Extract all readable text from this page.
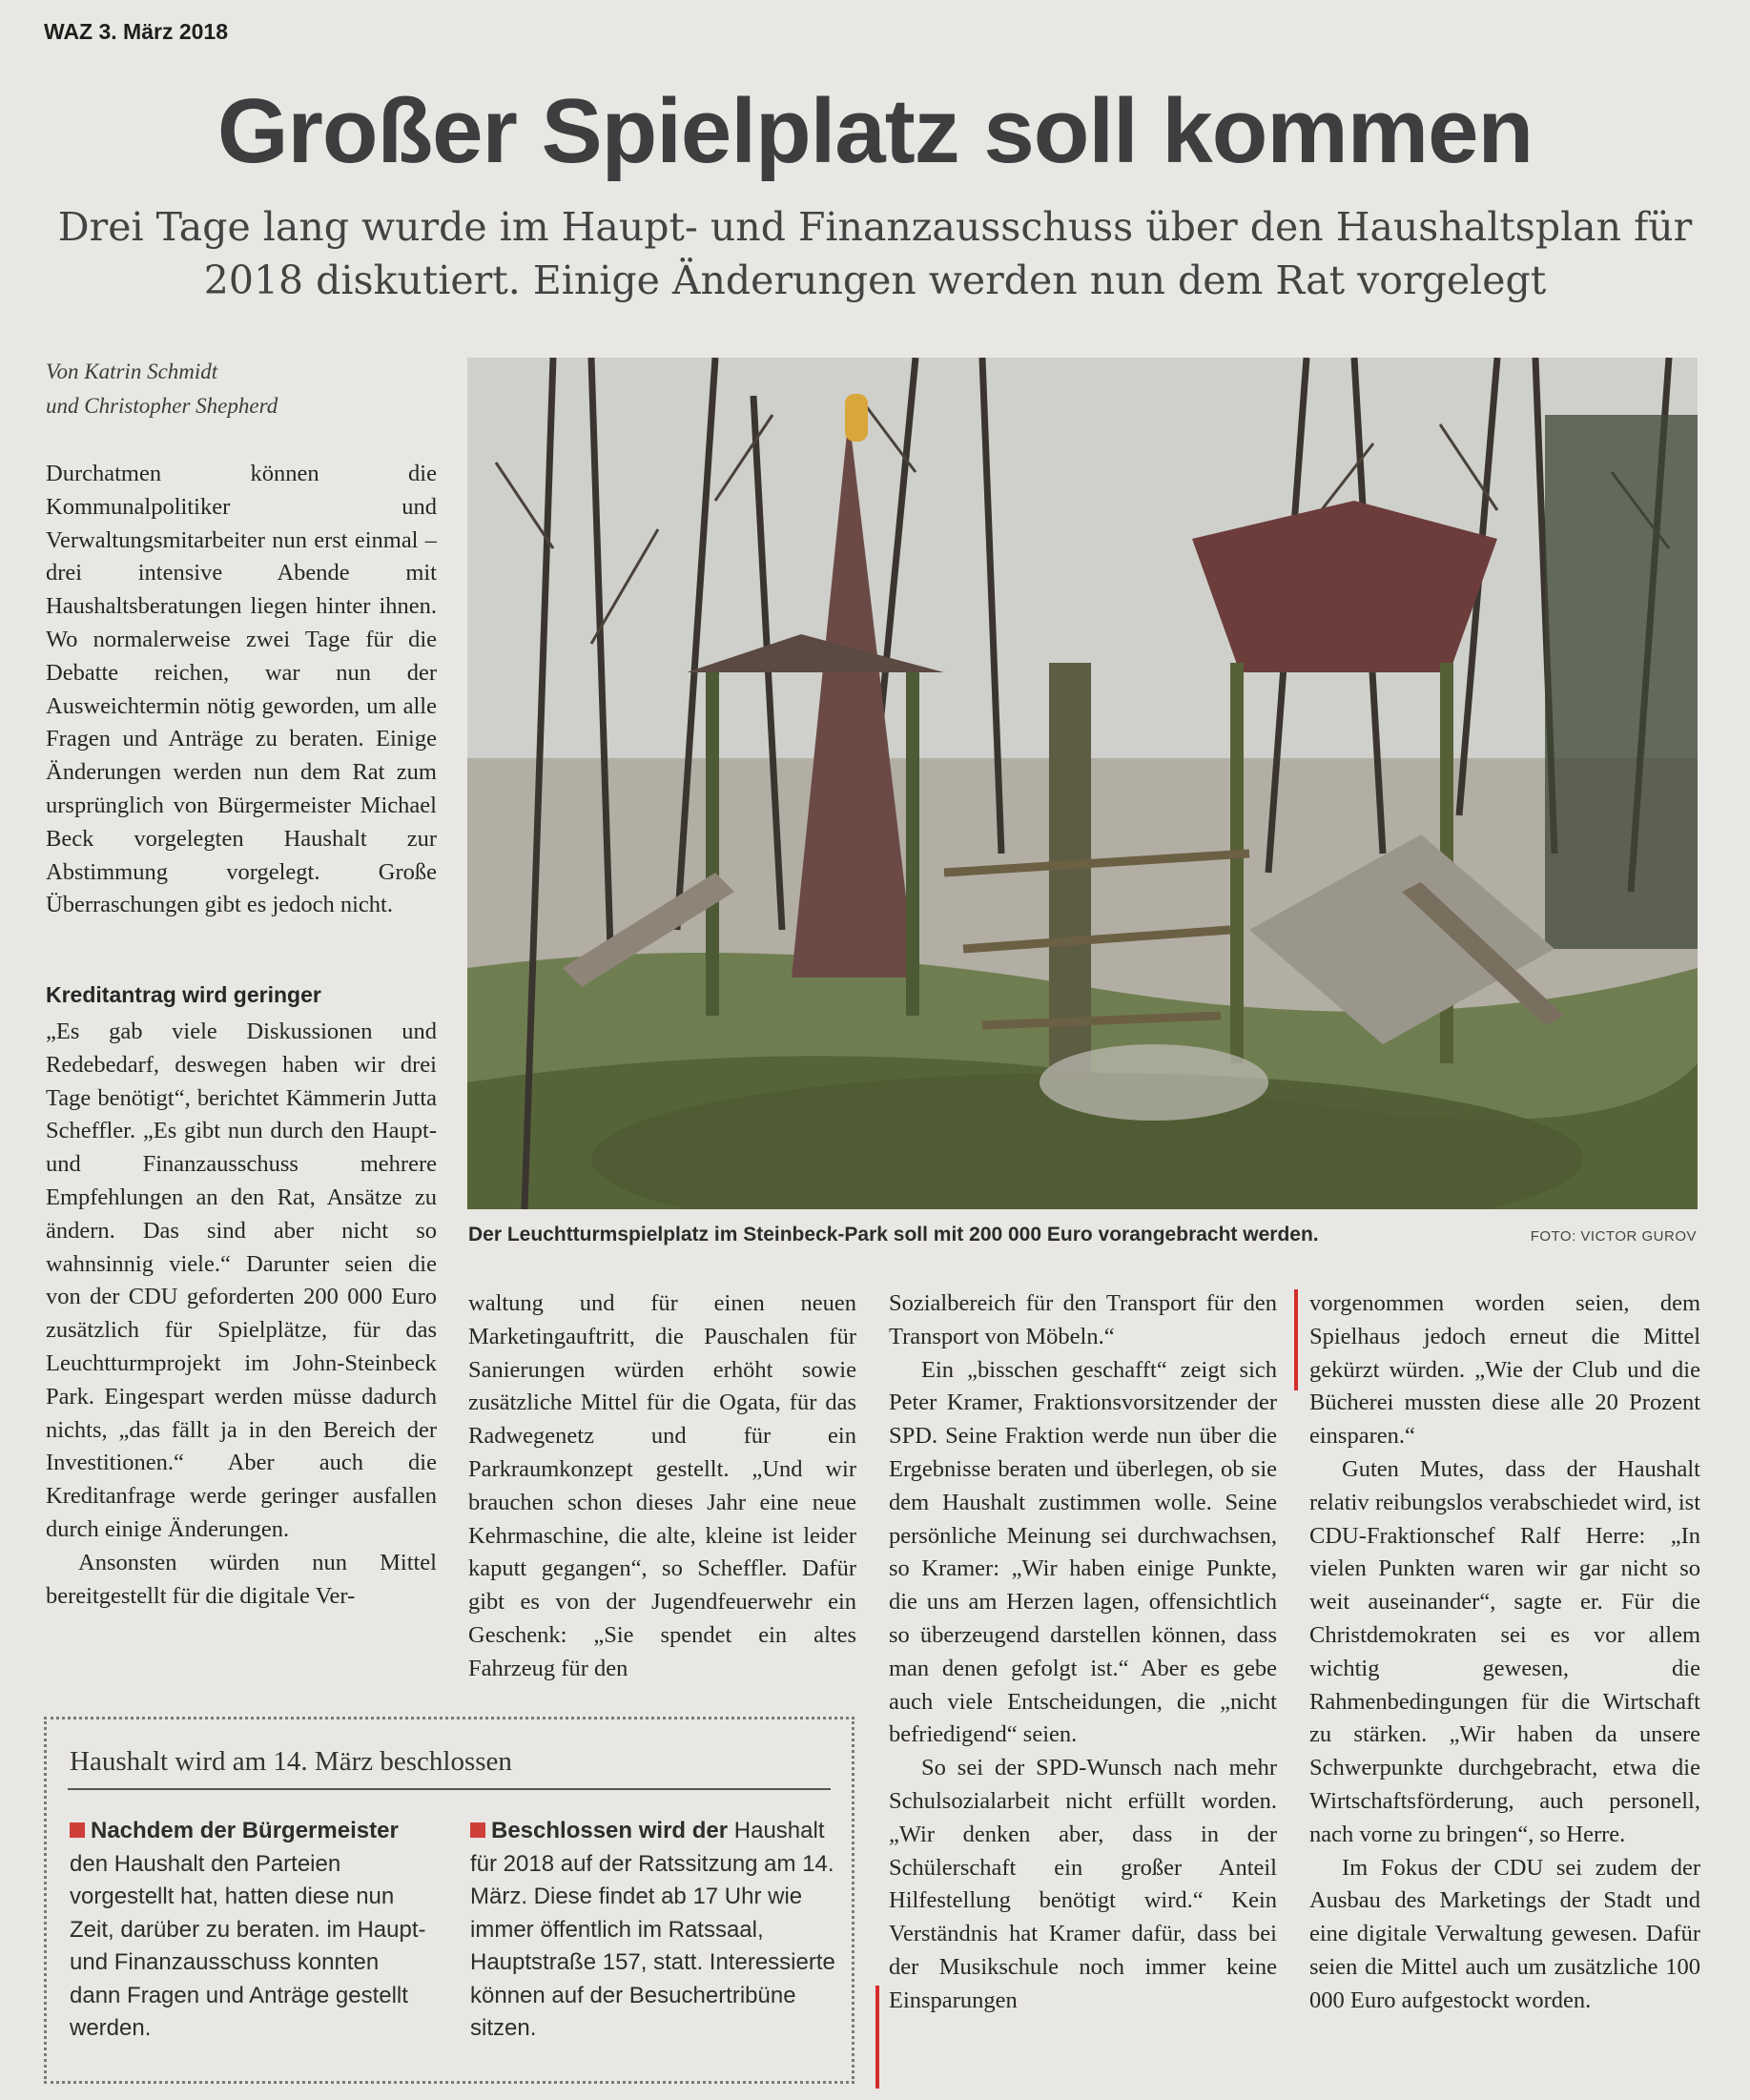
WAZ 3. März 2018
Großer Spielplatz soll kommen

Drei Tage lang wurde im Haupt- und Finanzausschuss über den Haushaltsplan für 2018 diskutiert. Einige Änderungen werden nun dem Rat vorgelegt

Von Katrin Schmidt
und Christopher Shepherd

Durchatmen können die Kommunalpolitiker und Verwaltungsmitarbeiter nun erst einmal – drei intensive Abende mit Haushaltsberatungen liegen hinter ihnen. Wo normalerweise zwei Tage für die Debatte reichen, war nun der Ausweichtermin nötig geworden, um alle Fragen und Anträge zu beraten. Einige Änderungen werden nun dem Rat zum ursprünglich von Bürgermeister Michael Beck vorgelegten Haushalt zur Abstimmung vorgelegt. Große Überraschungen gibt es jedoch nicht.

Kreditantrag wird geringer

„Es gab viele Diskussionen und Redebedarf, deswegen haben wir drei Tage benötigt“, berichtet Kämmerin Jutta Scheffler. „Es gibt nun durch den Haupt- und Finanzausschuss mehrere Empfehlungen an den Rat, Ansätze zu ändern. Das sind aber nicht so wahnsinnig viele.“ Darunter seien die von der CDU geforderten 200 000 Euro zusätzlich für Spielplätze, für das Leuchtturmprojekt im John-Steinbeck Park. Eingespart werden müsse dadurch nichts, „das fällt ja in den Bereich der Investitionen.“ Aber auch die Kreditanfrage werde geringer ausfallen durch einige Änderungen.

Ansonsten würden nun Mittel bereitgestellt für die digitale Ver-

Der Leuchtturmspielplatz im Steinbeck-Park soll mit 200 000 Euro vorangebracht werden.	FOTO: VICTOR GUROV

waltung und für einen neuen Marketingauftritt, die Pauschalen für Sanierungen würden erhöht sowie zusätzliche Mittel für die Ogata, für das Radwegenetz und für ein Parkraumkonzept gestellt. „Und wir brauchen schon dieses Jahr eine neue Kehrmaschine, die alte, kleine ist leider kaputt gegangen“, so Scheffler. Dafür gibt es von der Jugendfeuerwehr ein Geschenk: „Sie spendet ein altes Fahrzeug für den

Sozialbereich für den Transport für den Transport von Möbeln.“

Ein „bisschen geschafft“ zeigt sich Peter Kramer, Fraktionsvorsitzender der SPD. Seine Fraktion werde nun über die Ergebnisse beraten und überlegen, ob sie dem Haushalt zustimmen wolle. Seine persönliche Meinung sei durchwachsen, so Kramer: „Wir haben einige Punkte, die uns am Herzen lagen, offensichtlich so überzeugend darstellen können, dass man denen gefolgt ist.“ Aber es gebe auch viele Entscheidungen, die „nicht befriedigend“ seien.

So sei der SPD-Wunsch nach mehr Schulsozialarbeit nicht erfüllt worden. „Wir denken aber, dass in der Schülerschaft ein großer Anteil Hilfestellung benötigt wird.“ Kein Verständnis hat Kramer dafür, dass bei der Musikschule noch immer keine Einsparungen

vorgenommen worden seien, dem Spielhaus jedoch erneut die Mittel gekürzt würden. „Wie der Club und die Bücherei mussten diese alle 20 Prozent einsparen.“

Guten Mutes, dass der Haushalt relativ reibungslos verabschiedet wird, ist CDU-Fraktionschef Ralf Herre: „In vielen Punkten waren wir gar nicht so weit auseinander“, sagte er. Für die Christdemokraten sei es vor allem wichtig gewesen, die Rahmenbedingungen für die Wirtschaft zu stärken. „Wir haben da unsere Schwerpunkte durchgebracht, etwa die Wirtschaftsförderung, auch personell, nach vorne zu bringen“, so Herre.

Im Fokus der CDU sei zudem der Ausbau des Marketings der Stadt und eine digitale Verwaltung gewesen. Dafür seien die Mittel auch um zusätzliche 100 000 Euro aufgestockt worden.

Haushalt wird am 14. März beschlossen
Nachdem der Bürgermeister den Haushalt den Parteien vorgestellt hat, hatten diese nun Zeit, darüber zu beraten. im Haupt- und Finanzausschuss konnten dann Fragen und Anträge gestellt werden.
Beschlossen wird der Haushalt für 2018 auf der Ratssitzung am 14. März. Diese findet ab 17 Uhr wie immer öffentlich im Ratssaal, Hauptstraße 157, statt. Interessierte können auf der Besuchertribüne sitzen.
